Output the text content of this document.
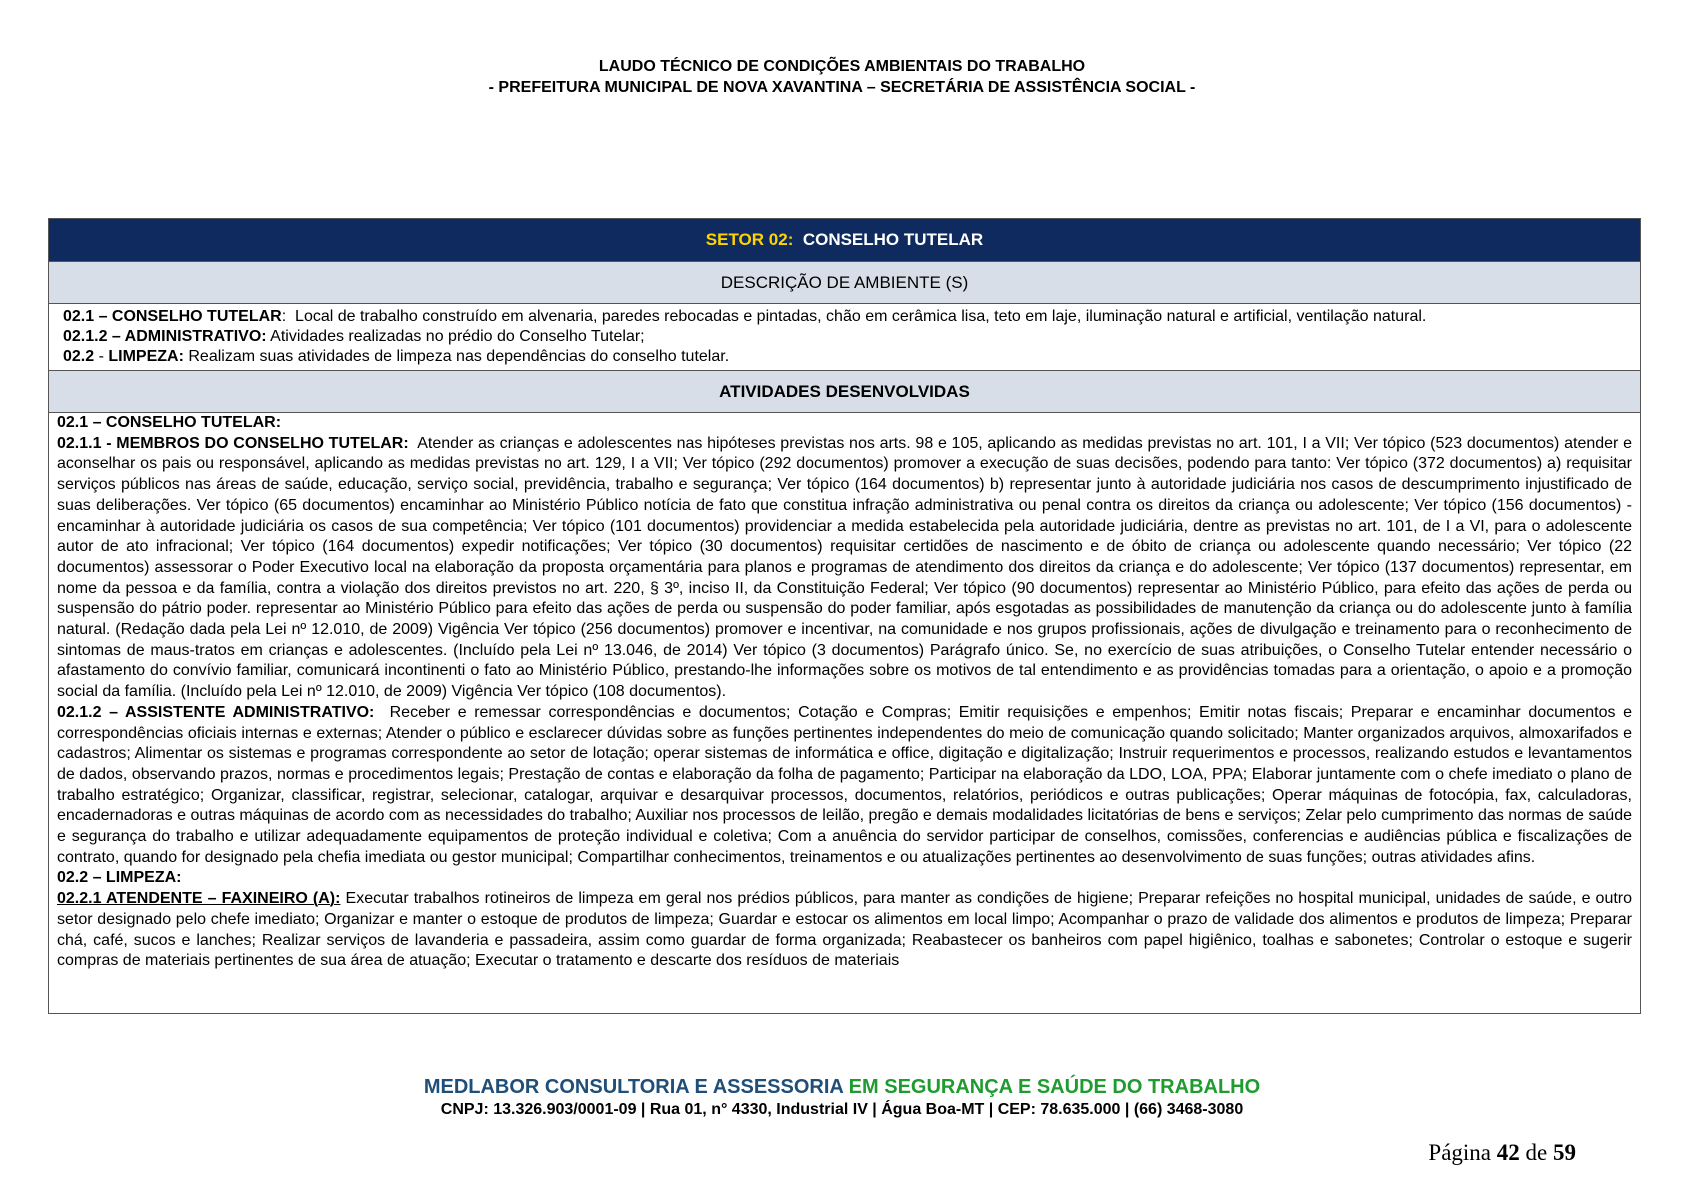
LAUDO TÉCNICO DE CONDIÇÕES AMBIENTAIS DO TRABALHO
- PREFEITURA MUNICIPAL DE NOVA XAVANTINA – SECRETÁRIA DE ASSISTÊNCIA SOCIAL -
SETOR 02 :
CONSELHO TUTELAR
DESCRIÇÃO DE AMBIENTE (S)
02.1 – CONSELHO TUTELAR: Local de trabalho construído em alvenaria, paredes rebocadas e pintadas, chão em cerâmica lisa, teto em laje, iluminação natural e artificial, ventilação natural.
02.1.2 – ADMINISTRATIVO: Atividades realizadas no prédio do Conselho Tutelar;
02.2 - LIMPEZA: Realizam suas atividades de limpeza nas dependências do conselho tutelar.
ATIVIDADES DESENVOLVIDAS

02.1 – CONSELHO TUTELAR:

02.1.1 - MEMBROS DO CONSELHO TUTELAR: Atender as crianças e adolescentes nas hipóteses previstas nos arts. 98 e 105, aplicando as medidas previstas no art. 101, I a VII; Ver tópico (523 documentos) atender e aconselhar os pais ou responsável, aplicando as medidas previstas no art. 129, I a VII; Ver tópico (292 documentos) promover a execução de suas decisões, podendo para tanto: Ver tópico (372 documentos) a) requisitar serviços públicos nas áreas de saúde, educação, serviço social, previdência, trabalho e segurança; Ver tópico (164 documentos) b) representar junto à autoridade judiciária nos casos de descumprimento injustificado de suas deliberações. Ver tópico (65 documentos) encaminhar ao Ministério Público notícia de fato que constitua infração administrativa ou penal contra os direitos da criança ou adolescente; Ver tópico (156 documentos) - encaminhar à autoridade judiciária os casos de sua competência; Ver tópico (101 documentos) providenciar a medida estabelecida pela autoridade judiciária, dentre as previstas no art. 101, de I a VI, para o adolescente autor de ato infracional; Ver tópico (164 documentos) expedir notificações; Ver tópico (30 documentos) requisitar certidões de nascimento e de óbito de criança ou adolescente quando necessário; Ver tópico (22 documentos) assessorar o Poder Executivo local na elaboração da proposta orçamentária para planos e programas de atendimento dos direitos da criança e do adolescente; Ver tópico (137 documentos) representar, em nome da pessoa e da família, contra a violação dos direitos previstos no art. 220, § 3º, inciso II, da Constituição Federal; Ver tópico (90 documentos) representar ao Ministério Público, para efeito das ações de perda ou suspensão do pátrio poder. representar ao Ministério Público para efeito das ações de perda ou suspensão do poder familiar, após esgotadas as possibilidades de manutenção da criança ou do adolescente junto à família natural. (Redação dada pela Lei nº 12.010, de 2009) Vigência Ver tópico (256 documentos) promover e incentivar, na comunidade e nos grupos profissionais, ações de divulgação e treinamento para o reconhecimento de sintomas de maus-tratos em crianças e adolescentes. (Incluído pela Lei nº 13.046, de 2014) Ver tópico (3 documentos) Parágrafo único. Se, no exercício de suas atribuições, o Conselho Tutelar entender necessário o afastamento do convívio familiar, comunicará incontinenti o fato ao Ministério Público, prestando-lhe informações sobre os motivos de tal entendimento e as providências tomadas para a orientação, o apoio e a promoção social da família. (Incluído pela Lei nº 12.010, de 2009) Vigência Ver tópico (108 documentos).

02.1.2 – ASSISTENTE ADMINISTRATIVO: Receber e remessar correspondências e documentos; Cotação e Compras; Emitir requisições e empenhos; Emitir notas fiscais; Preparar e encaminhar documentos e correspondências oficiais internas e externas; Atender o público e esclarecer dúvidas sobre as funções pertinentes independentes do meio de comunicação quando solicitado; Manter organizados arquivos, almoxarifados e cadastros; Alimentar os sistemas e programas correspondente ao setor de lotação; operar sistemas de informática e office, digitação e digitalização; Instruir requerimentos e processos, realizando estudos e levantamentos de dados, observando prazos, normas e procedimentos legais; Prestação de contas e elaboração da folha de pagamento; Participar na elaboração da LDO, LOA, PPA; Elaborar juntamente com o chefe imediato o plano de trabalho estratégico; Organizar, classificar, registrar, selecionar, catalogar, arquivar e desarquivar processos, documentos, relatórios, periódicos e outras publicações; Operar máquinas de fotocópia, fax, calculadoras, encadernadoras e outras máquinas de acordo com as necessidades do trabalho; Auxiliar nos processos de leilão, pregão e demais modalidades licitatórias de bens e serviços; Zelar pelo cumprimento das normas de saúde e segurança do trabalho e utilizar adequadamente equipamentos de proteção individual e coletiva; Com a anuência do servidor participar de conselhos, comissões, conferencias e audiências pública e fiscalizações de contrato, quando for designado pela chefia imediata ou gestor municipal; Compartilhar conhecimentos, treinamentos e ou atualizações pertinentes ao desenvolvimento de suas funções; outras atividades afins.

02.2 – LIMPEZA:

02.2.1 ATENDENTE – FAXINEIRO (A): Executar trabalhos rotineiros de limpeza em geral nos prédios públicos, para manter as condições de higiene; Preparar refeições no hospital municipal, unidades de saúde, e outro setor designado pelo chefe imediato; Organizar e manter o estoque de produtos de limpeza; Guardar e estocar os alimentos em local limpo; Acompanhar o prazo de validade dos alimentos e produtos de limpeza; Preparar chá, café, sucos e lanches; Realizar serviços de lavanderia e passadeira, assim como guardar de forma organizada; Reabastecer os banheiros com papel higiênico, toalhas e sabonetes; Controlar o estoque e sugerir compras de materiais pertinentes de sua área de atuação; Executar o tratamento e descarte dos resíduos de materiais

MEDLABOR CONSULTORIA E ASSESSORIA EM SEGURANÇA E SAÚDE DO TRABALHO
CNPJ: 13.326.903/0001-09 | Rua 01, n° 4330, Industrial IV | Água Boa-MT | CEP: 78.635.000 | (66) 3468-3080
Página 42 de 59
